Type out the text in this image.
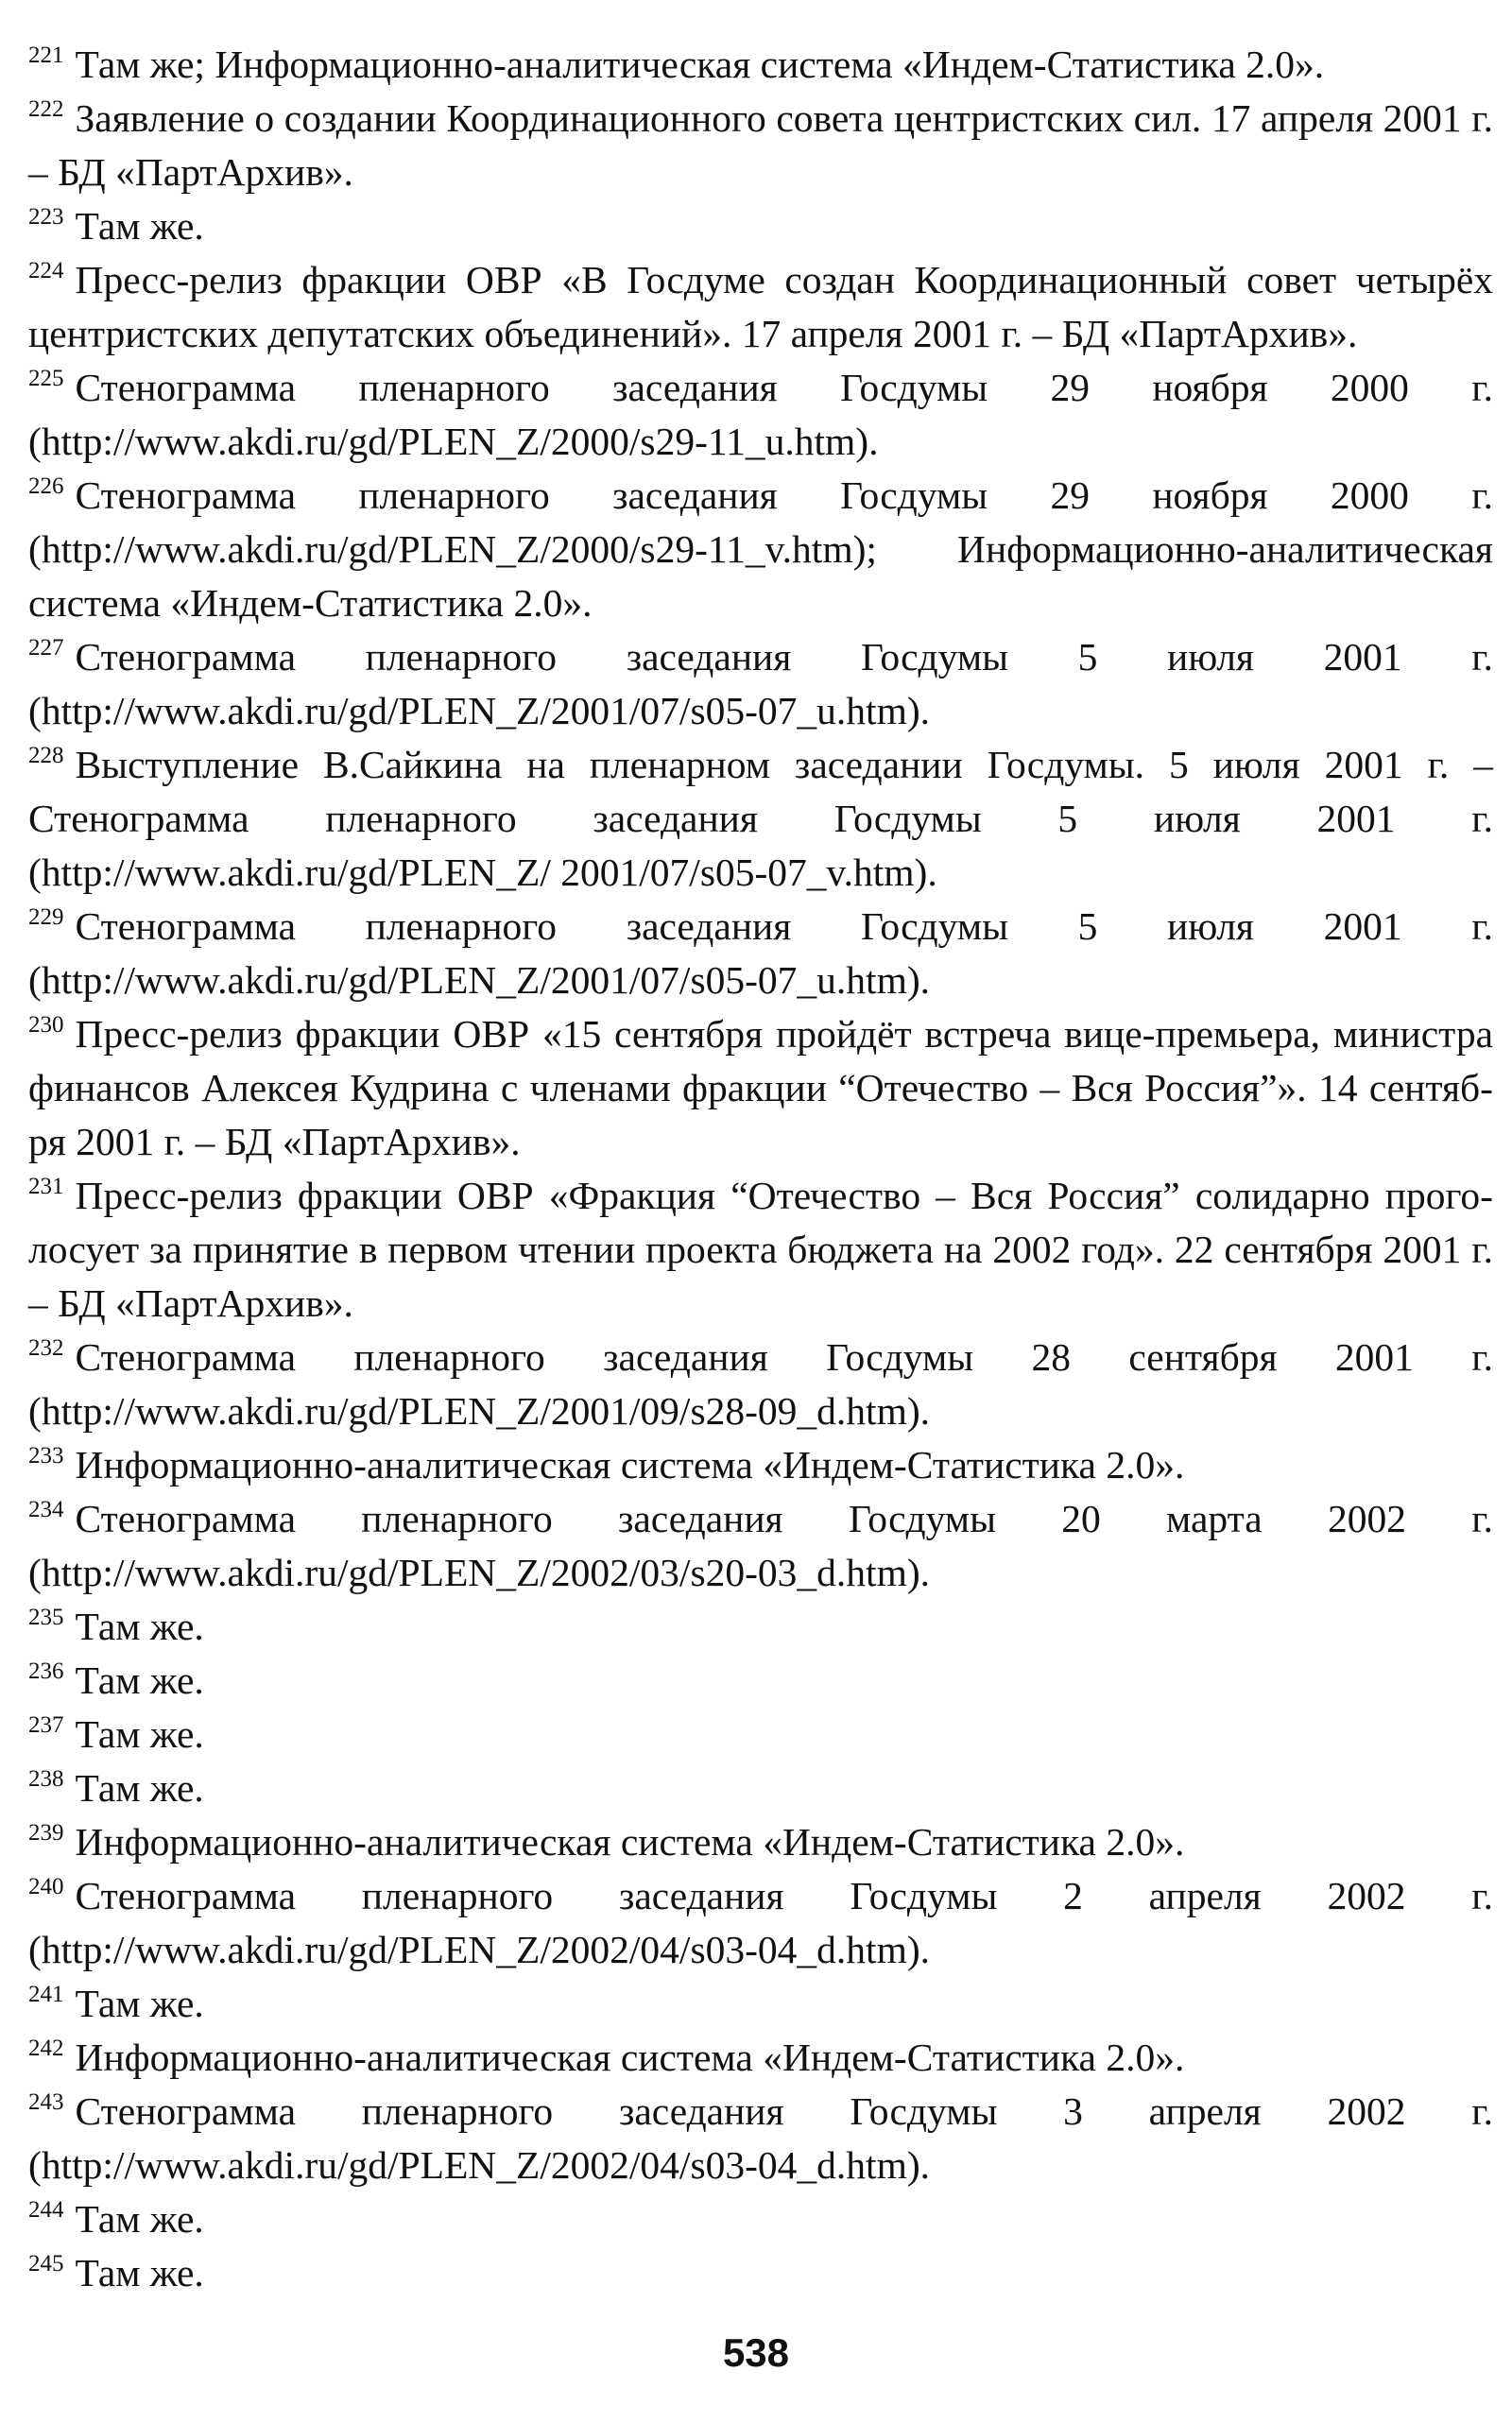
$^{221}$ Там же; Информационно-аналитическая система «Индем-Статистика 2.0».

$^{222}$ Заявление о создании Координационного совета центристских сил. 17 апреля 2001 г. – БД «ПартАрхив».

$^{223}$ Там же.

$^{224}$ Пресс-релиз фракции ОВР «В Госдуме создан Координационный совет четырёх центристских депутатских объединений». 17 апреля 2001 г. – БД «ПартАрхив».

$^{225}$ Стенограмма пленарного заседания Госдумы 29 ноября 2000 г. (http://www.akdi.ru/gd/PLEN_Z/2000/s29-11_u.htm).

$^{226}$ Стенограмма пленарного заседания Госдумы 29 ноября 2000 г. (http://www.akdi.ru/gd/PLEN_Z/2000/s29-11_v.htm); Информационно-аналитическая система «Индем-Статистика 2.0».

$^{227}$ Стенограмма пленарного заседания Госдумы 5 июля 2001 г. (http://www.akdi.ru/gd/PLEN_Z/2001/07/s05-07_u.htm).

$^{228}$ Выступление В.Сайкина на пленарном заседании Госдумы. 5 июля 2001 г. – Стенограмма пленарного заседания Госдумы 5 июля 2001 г. (http://www.akdi.ru/gd/PLEN_Z/ 2001/07/s05-07_v.htm).

$^{229}$ Стенограмма пленарного заседания Госдумы 5 июля 2001 г. (http://www.akdi.ru/gd/PLEN_Z/2001/07/s05-07_u.htm).

$^{230}$ Пресс-релиз фракции ОВР «15 сентября пройдёт встреча вице-премьера, министра финансов Алексея Кудрина с членами фракции “Отечество – Вся Россия”». 14 сентяб-ря 2001 г. – БД «ПартАрхив».

$^{231}$ Пресс-релиз фракции ОВР «Фракция “Отечество – Вся Россия” солидарно прого-лосует за принятие в первом чтении проекта бюджета на 2002 год». 22 сентября 2001 г. – БД «ПартАрхив».

$^{232}$ Стенограмма пленарного заседания Госдумы 28 сентября 2001 г. (http://www.akdi.ru/gd/PLEN_Z/2001/09/s28-09_d.htm).

$^{233}$ Информационно-аналитическая система «Индем-Статистика 2.0».

$^{234}$ Стенограмма пленарного заседания Госдумы 20 марта 2002 г. (http://www.akdi.ru/gd/PLEN_Z/2002/03/s20-03_d.htm).

$^{235}$ Там же.

$^{236}$ Там же.

$^{237}$ Там же.

$^{238}$ Там же.

$^{239}$ Информационно-аналитическая система «Индем-Статистика 2.0».

$^{240}$ Стенограмма пленарного заседания Госдумы 2 апреля 2002 г. (http://www.akdi.ru/gd/PLEN_Z/2002/04/s03-04_d.htm).

$^{241}$ Там же.

$^{242}$ Информационно-аналитическая система «Индем-Статистика 2.0».

$^{243}$ Стенограмма пленарного заседания Госдумы 3 апреля 2002 г. (http://www.akdi.ru/gd/PLEN_Z/2002/04/s03-04_d.htm).

$^{244}$ Там же.

$^{245}$ Там же.

538
